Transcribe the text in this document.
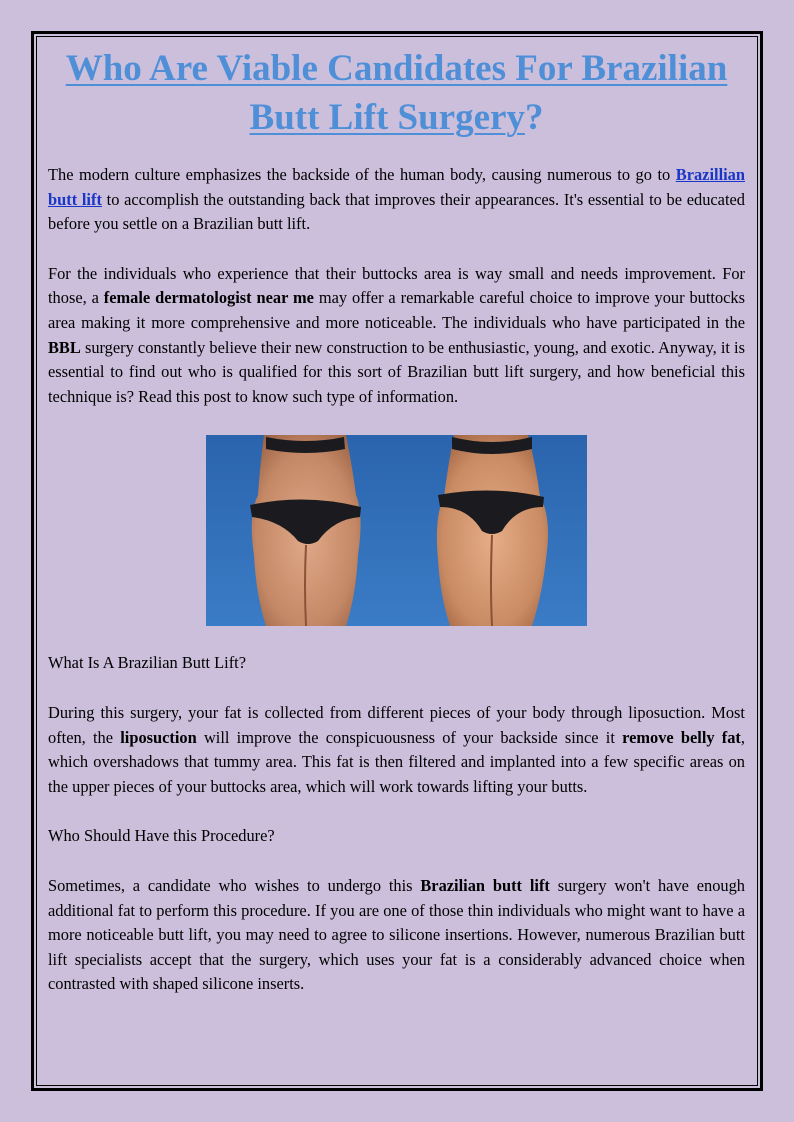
Who Are Viable Candidates For Brazilian
Butt Lift Surgery?

The modern culture emphasizes the backside of the human body, causing numerous to go to Brazillian butt lift to accomplish the outstanding back that improves their appearances. It's essential to be educated before you settle on a Brazilian butt lift.

For the individuals who experience that their buttocks area is way small and needs improvement. For those, a female dermatologist near me may offer a remarkable careful choice to improve your buttocks area making it more comprehensive and more noticeable. The individuals who have participated in the BBL surgery constantly believe their new construction to be enthusiastic, young, and exotic. Anyway, it is essential to find out who is qualified for this sort of Brazilian butt lift surgery, and how beneficial this technique is? Read this post to know such type of information.

What Is A Brazilian Butt Lift?

During this surgery, your fat is collected from different pieces of your body through liposuction. Most often, the liposuction will improve the conspicuousness of your backside since it remove belly fat, which overshadows that tummy area. This fat is then filtered and implanted into a few specific areas on the upper pieces of your buttocks area, which will work towards lifting your butts.

Who Should Have this Procedure?

Sometimes, a candidate who wishes to undergo this Brazilian butt lift surgery won't have enough additional fat to perform this procedure. If you are one of those thin individuals who might want to have a more noticeable butt lift, you may need to agree to silicone insertions. However, numerous Brazilian butt lift specialists accept that the surgery, which uses your fat is a considerably advanced choice when contrasted with shaped silicone inserts.
